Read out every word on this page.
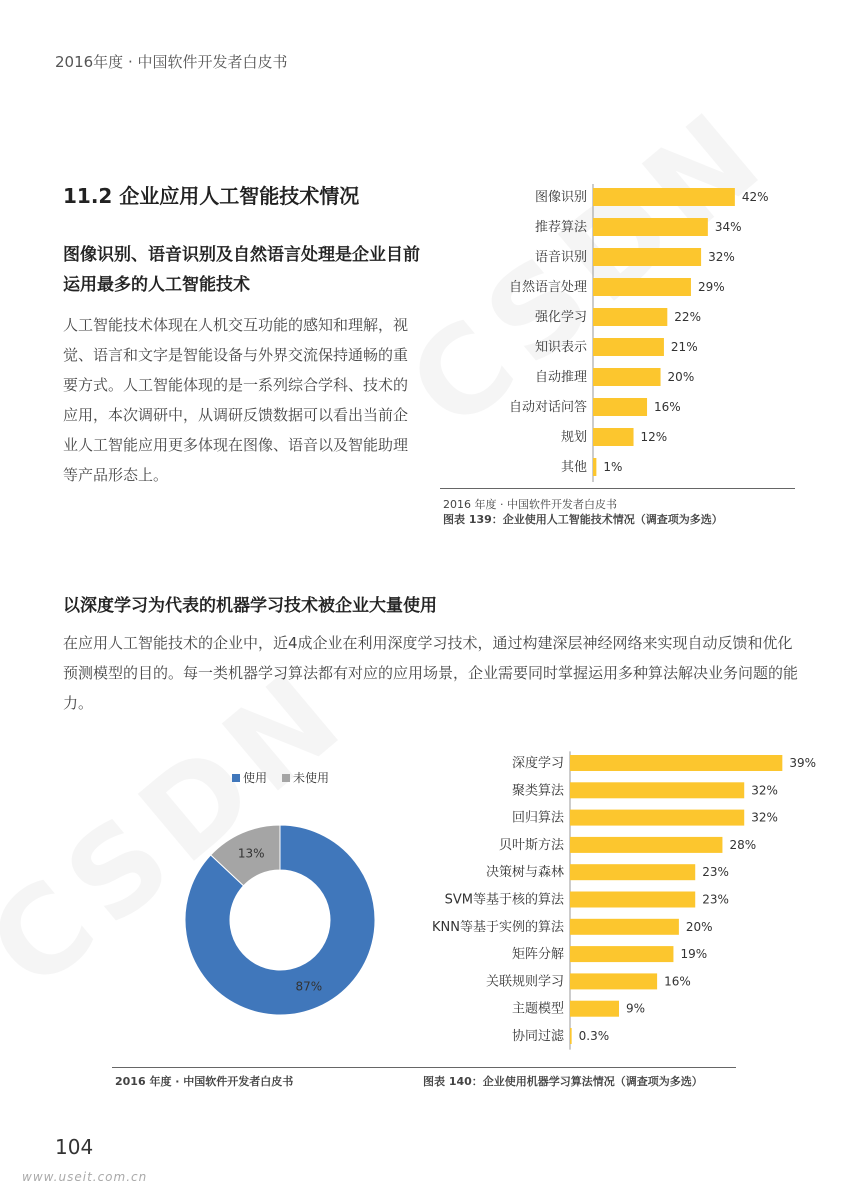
2016年度 · 中国软件开发者白皮书
11.2 企业应用人工智能技术情况
图像识别、语音识别及自然语言处理是企业目前运用最多的人工智能技术
人工智能技术体现在人机交互功能的感知和理解，视觉、语言和文字是智能设备与外界交流保持通畅的重要方式。人工智能体现的是一系列综合学科、技术的应用，本次调研中，从调研反馈数据可以看出当前企业人工智能应用更多体现在图像、语音以及智能助理等产品形态上。
图像识别	42%
推荐算法	34%
语音识别	32%
自然语言处理	29%
强化学习	22%
知识表示	21%
自动推理	20%
自动对话问答	16%
规划	12%
其他 1%
2016 年度 · 中国软件开发者白皮书
图表 139：企业使用人工智能技术情况（调查项为多选）
以深度学习为代表的机器学习技术被企业大量使用
在应用人工智能技术的企业中，近4成企业在利用深度学习技术，通过构建深层神经网络来实现自动反馈和优化预测模型的目的。每一类机器学习算法都有对应的应用场景，企业需要同时掌握运用多种算法解决业务问题的能力。
87%
13%
使用 未使用
深度学习	39%
聚类算法	32%
回归算法	32%
贝叶斯方法	28%
决策树与森林	23%
SVM等基于核的算法	23%
KNN等基于实例的算法	20%
矩阵分解	19%
关联规则学习	16%
主题模型	9%
协同过滤 0.3%
2016 年度 · 中国软件开发者白皮书	图表 140：企业使用机器学习算法情况（调查项为多选）
104
www.useit.com.cn
